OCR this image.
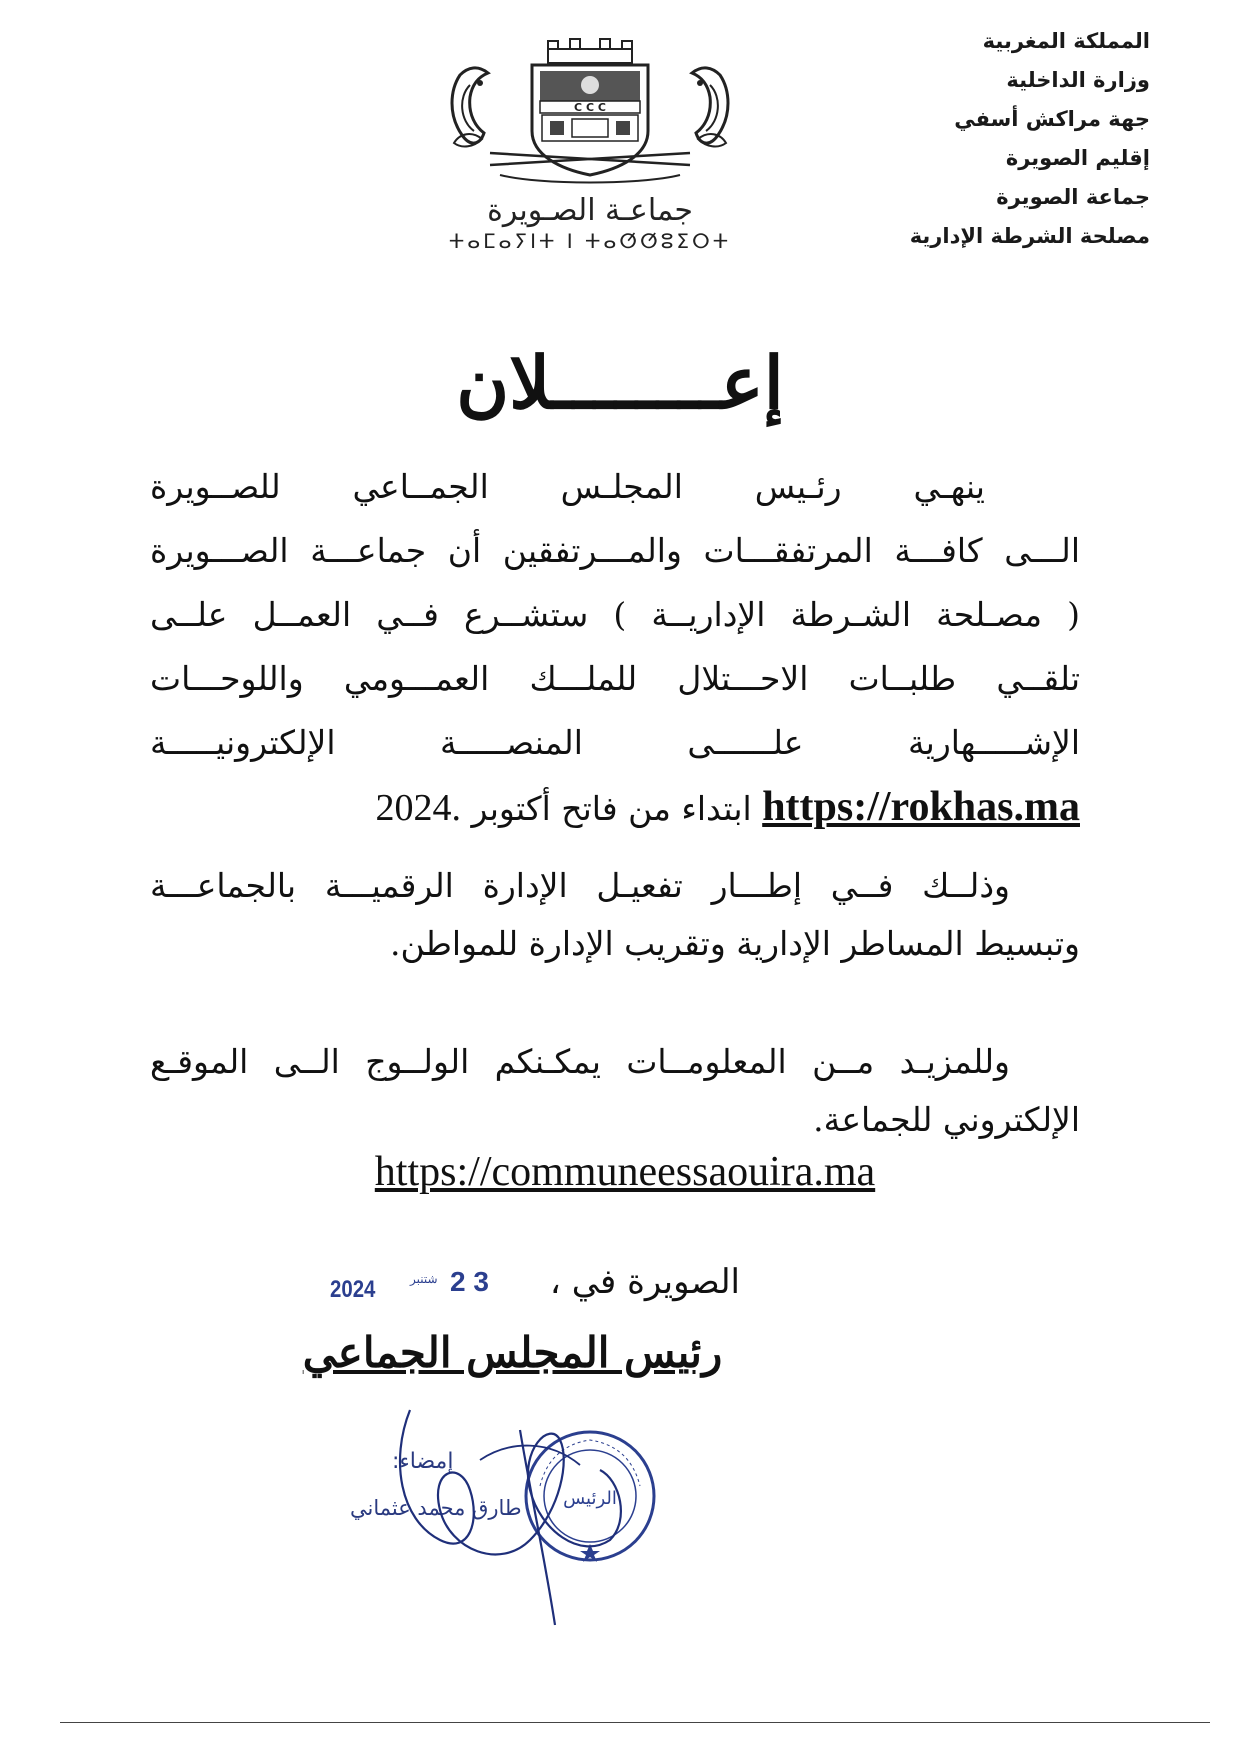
المملكة المغربية
وزارة الداخلية
جهة مراكش أسفي
إقليم الصويرة
جماعة الصويرة
مصلحة الشرطة الإدارية
C C C
جماعـة الصـويرة
ⵜⴰⵎⴰⵢⵏⵜ ⵏ ⵜⴰⵚⵚⵓⵉⵔⵜ
إعــــــــلان

ينهـي رئـيس المجلـس الجمــاعي للصــويرة

الـــى كافـــة المرتفقـــات والمـــرتفقين أن جماعـــة الصـــويرة

( مصـلحة الشـرطة الإداريــة ) ستشــرع فــي العمــل علــى

تلقــي طلبــات الاحـــتلال للملـــك العمـــومي واللوحـــات

الإشـــــهارية علــــــى المنصـــــة الإلكترونيـــــة

https://rokhas.ma ابتداء من فاتح أكتوبر 2024.

وذلــك فــي إطـــار تفعيـل الإدارة الرقميـــة بالجماعـــة

وتبسيط المساطر الإدارية وتقريب الإدارة للمواطن.

وللمزيـد مــن المعلومــات يمكـنكم الولــوج الــى الموقـع

الإلكتروني للجماعة.

https://communeessaouira.ma
الصويرة في ،
2 3
شتنبر
2024
رئيس المجلس الجماعي
إمضاء:
طارق محمد عثماني الرئيس
